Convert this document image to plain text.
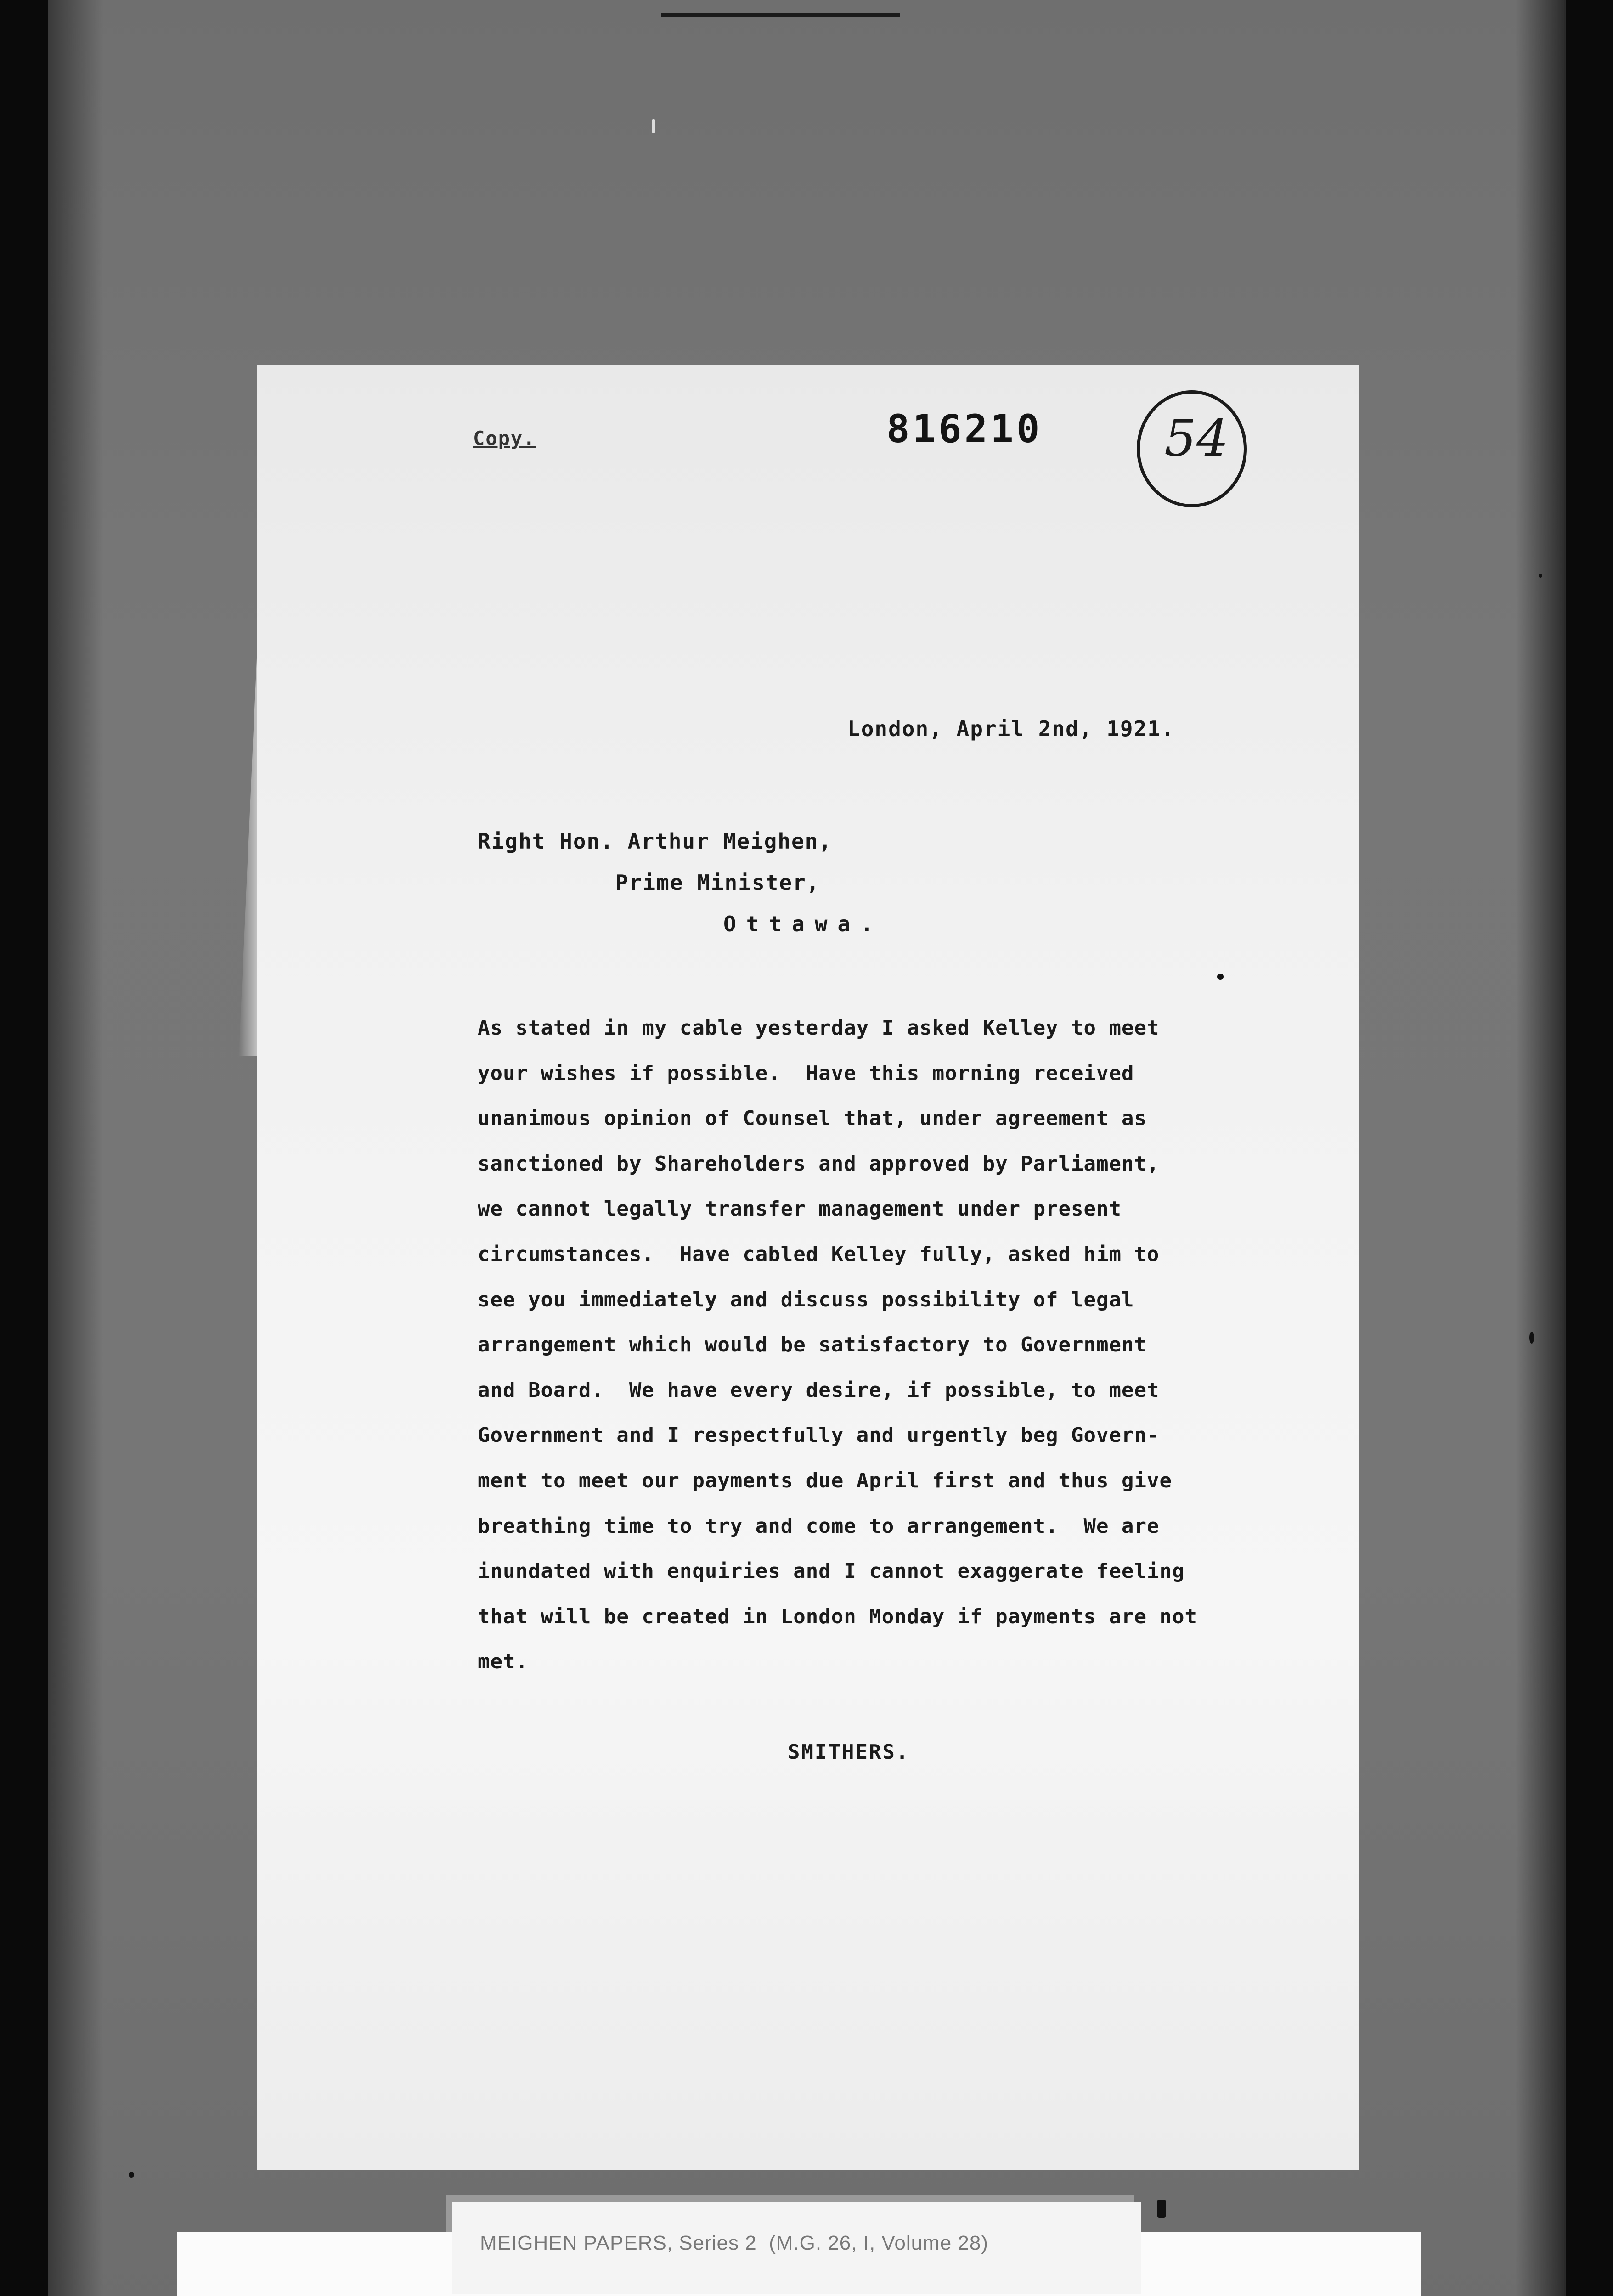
Copy.	816210 54
London, April 2nd, 1921.
Right Hon. Arthur Meighen,
Prime Minister,
Ottawa.
As stated in my cable yesterday I asked Kelley to meet
your wishes if possible.  Have this morning received
unanimous opinion of Counsel that, under agreement as
sanctioned by Shareholders and approved by Parliament,
we cannot legally transfer management under present
circumstances.  Have cabled Kelley fully, asked him to
see you immediately and discuss possibility of legal
arrangement which would be satisfactory to Government
and Board.  We have every desire, if possible, to meet
Government and I respectfully and urgently beg Govern-
ment to meet our payments due April first and thus give
breathing time to try and come to arrangement.  We are
inundated with enquiries and I cannot exaggerate feeling
that will be created in London Monday if payments are not
met.
SMITHERS.
MEIGHEN PAPERS, Series 2  (M.G. 26, I, Volume 28)
